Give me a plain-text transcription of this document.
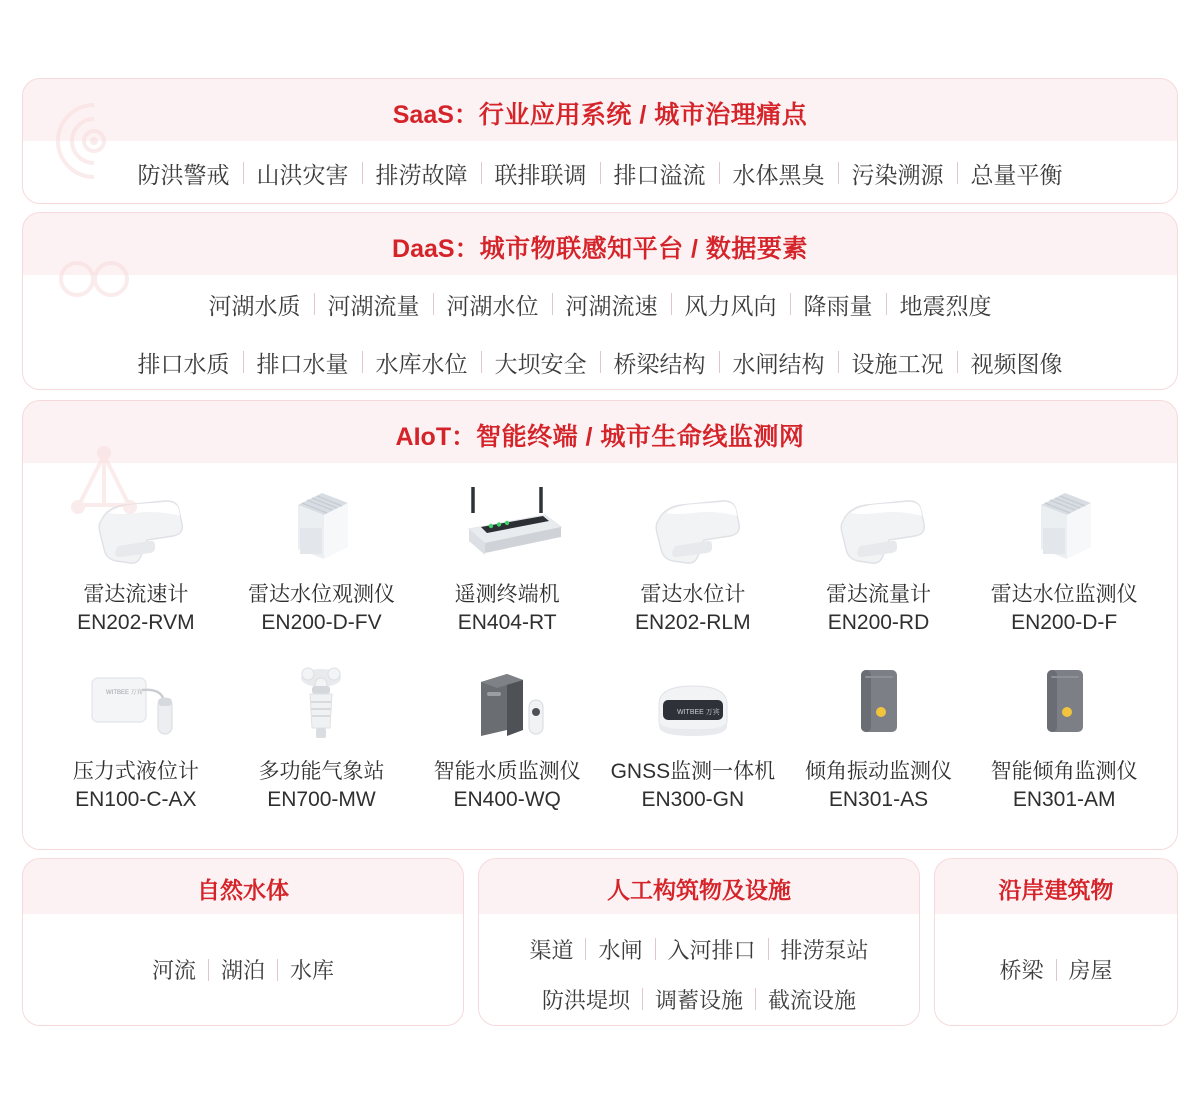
SaaS：行业应用系统 / 城市治理痛点
防洪警戒	山洪灾害	排涝故障	联排联调	排口溢流	水体黑臭	污染溯源	总量平衡
DaaS：城市物联感知平台 / 数据要素
河湖水质	河湖流量	河湖水位	河湖流速	风力风向	降雨量	地震烈度
排口水质	排口水量	水库水位	大坝安全	桥梁结构	水闸结构	设施工况	视频图像
AIoT：智能终端 / 城市生命线监测网
雷达流速计
EN202-RVM
雷达水位观测仪
EN200-D-FV
遥测终端机
EN404-RT
雷达水位计
EN202-RLM
雷达流量计
EN200-RD
雷达水位监测仪
EN200-D-F
WITBEE 万宾
压力式液位计
EN100-C-AX
多功能气象站
EN700-MW
智能水质监测仪
EN400-WQ
WITBEE 万宾
GNSS监测一体机
EN300-GN
倾角振动监测仪
EN301-AS
智能倾角监测仪
EN301-AM
自然水体
河流	湖泊	水库
人工构筑物及设施
渠道	水闸	入河排口	排涝泵站
防洪堤坝	调蓄设施	截流设施
沿岸建筑物
桥梁	房屋
